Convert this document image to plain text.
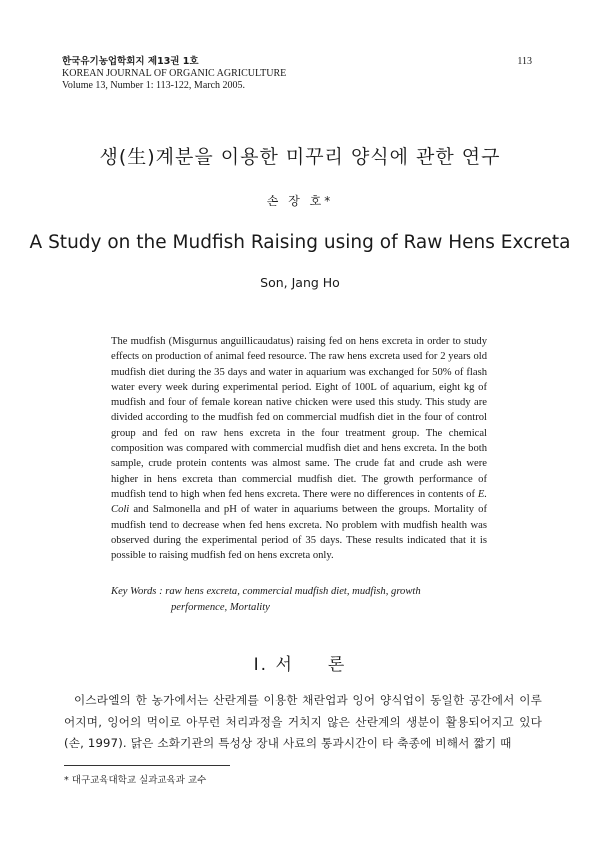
한국유기농업학회지 제13권 1호
KOREAN JOURNAL OF ORGANIC AGRICULTURE
Volume 13, Number 1: 113-122, March 2005.
113
생(生)계분을 이용한 미꾸리 양식에 관한 연구
손 장 호*
A Study on the Mudfish Raising using of Raw Hens Excreta
Son, Jang Ho

The mudfish (Misgurnus anguillicaudatus) raising fed on hens excreta in order to study effects on production of animal feed resource. The raw hens excreta used for 2 years old mudfish diet during the 35 days and water in aquarium was exchanged for 50% of flash water every week during experimental period. Eight of 100L of aquarium, eight kg of mudfish and four of female korean native chicken were used this study. This study are divided according to the mudfish fed on commercial mudfish diet in the four of control group and fed on raw hens excreta in the four treatment group. The chemical composition was compared with commercial mudfish diet and hens excreta. In the both sample, crude protein contents was almost same. The crude fat and crude ash were higher in hens excreta than commercial mudfish diet. The growth performance of mudfish tend to high when fed hens excreta. There were no differences in contents of E. Coli and Salmonella and pH of water in aquariums between the groups. Mortality of mudfish tend to decrease when fed hens excreta. No problem with mudfish health was observed during the experimental period of 35 days. These results indicated that it is possible to raising mudfish fed on hens excreta only.

Key Words : raw hens excreta, commercial mudfish diet, mudfish, growth
performence, Mortality
I. 서 론

이스라엘의 한 농가에서는 산란계를 이용한 채란업과 잉어 양식업이 동일한 공간에서 이루어지며, 잉어의 먹이로 아무런 처리과정을 거치지 않은 산란계의 생분이 활용되어지고 있다(손, 1997). 닭은 소화기관의 특성상 장내 사료의 통과시간이 타 축종에 비해서 짧기 때

* 대구교육대학교 실과교육과 교수
